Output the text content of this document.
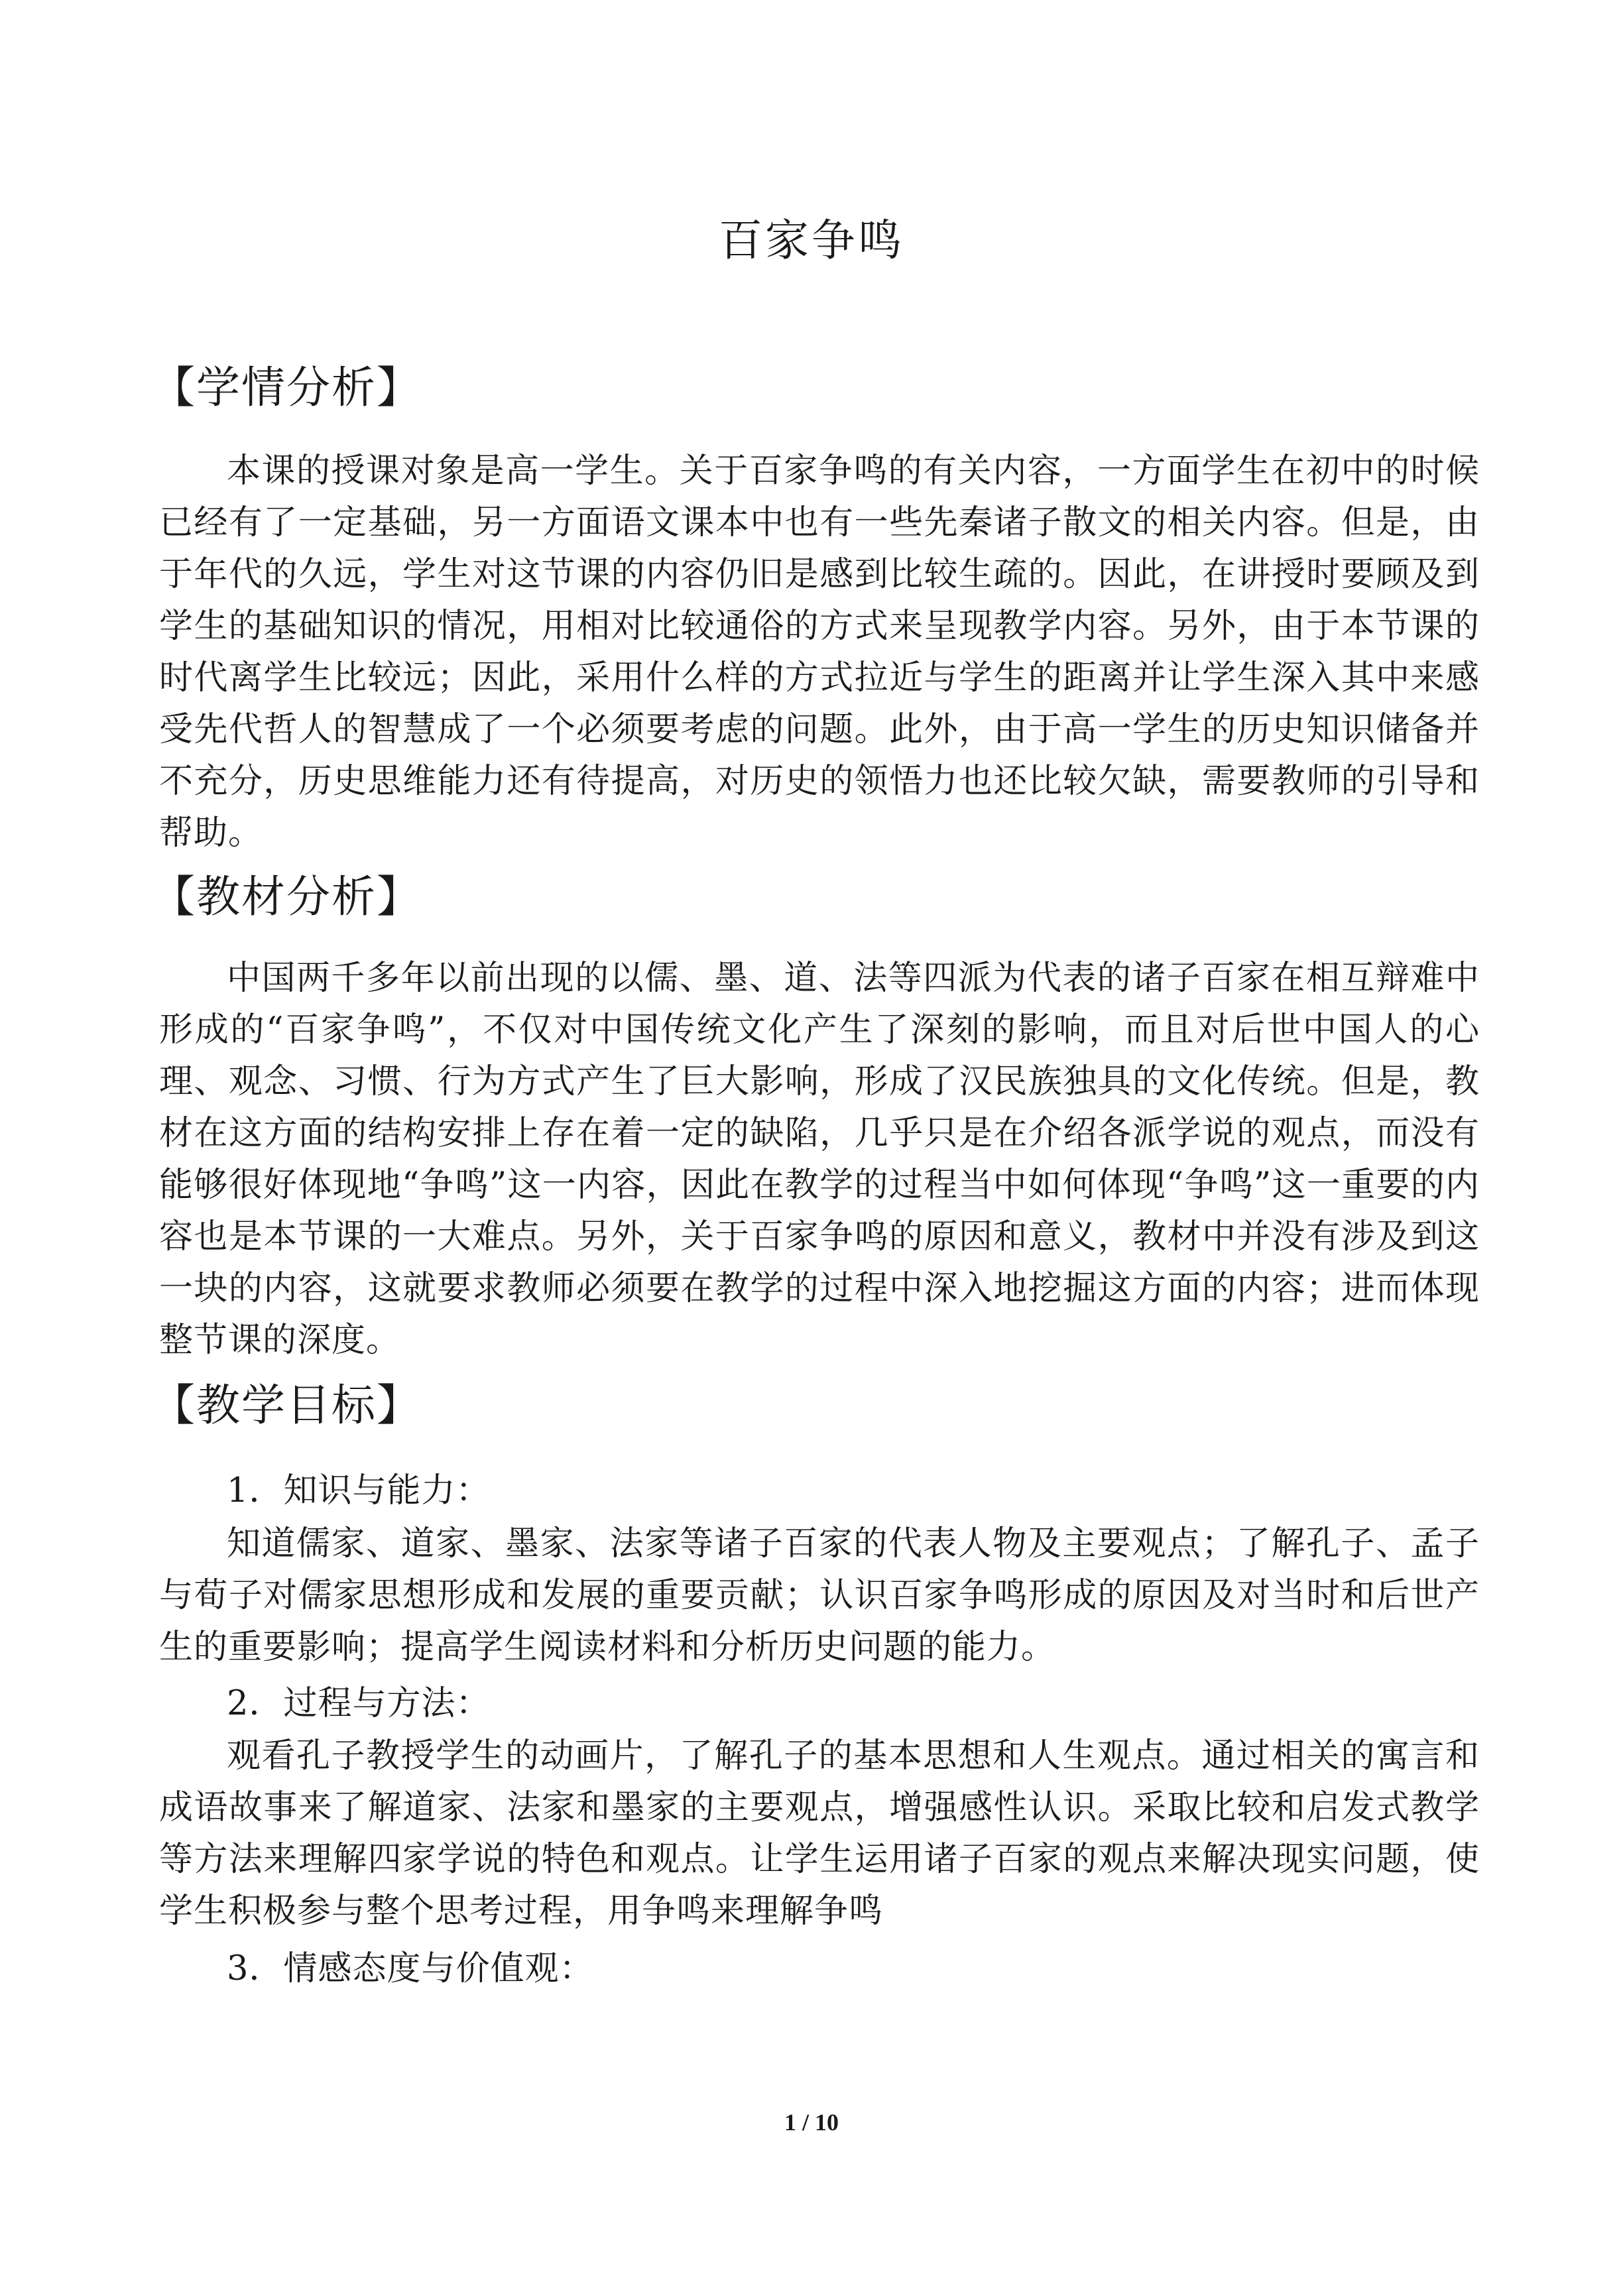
百家争鸣
【学情分析】
本课的授课对象是高一学生。关于百家争鸣的有关内容，一方面学生在初中的时候已经有了一定基础，另一方面语文课本中也有一些先秦诸子散文的相关内容。但是，由于年代的久远，学生对这节课的内容仍旧是感到比较生疏的。因此，在讲授时要顾及到学生的基础知识的情况，用相对比较通俗的方式来呈现教学内容。另外，由于本节课的时代离学生比较远；因此，采用什么样的方式拉近与学生的距离并让学生深入其中来感受先代哲人的智慧成了一个必须要考虑的问题。此外，由于高一学生的历史知识储备并不充分，历史思维能力还有待提高，对历史的领悟力也还比较欠缺，需要教师的引导和帮助。
【教材分析】
中国两千多年以前出现的以儒、墨、道、法等四派为代表的诸子百家在相互辩难中形成的“百家争鸣”，不仅对中国传统文化产生了深刻的影响，而且对后世中国人的心理、观念、习惯、行为方式产生了巨大影响，形成了汉民族独具的文化传统。但是，教材在这方面的结构安排上存在着一定的缺陷，几乎只是在介绍各派学说的观点，而没有能够很好体现地“争鸣”这一内容，因此在教学的过程当中如何体现“争鸣”这一重要的内容也是本节课的一大难点。另外，关于百家争鸣的原因和意义，教材中并没有涉及到这一块的内容，这就要求教师必须要在教学的过程中深入地挖掘这方面的内容；进而体现整节课的深度。
【教学目标】
1．知识与能力：
知道儒家、道家、墨家、法家等诸子百家的代表人物及主要观点；了解孔子、孟子与荀子对儒家思想形成和发展的重要贡献；认识百家争鸣形成的原因及对当时和后世产生的重要影响；提高学生阅读材料和分析历史问题的能力。
2．过程与方法：
观看孔子教授学生的动画片，了解孔子的基本思想和人生观点。通过相关的寓言和成语故事来了解道家、法家和墨家的主要观点，增强感性认识。采取比较和启发式教学等方法来理解四家学说的特色和观点。让学生运用诸子百家的观点来解决现实问题，使学生积极参与整个思考过程，用争鸣来理解争鸣
3．情感态度与价值观：
1 / 10
